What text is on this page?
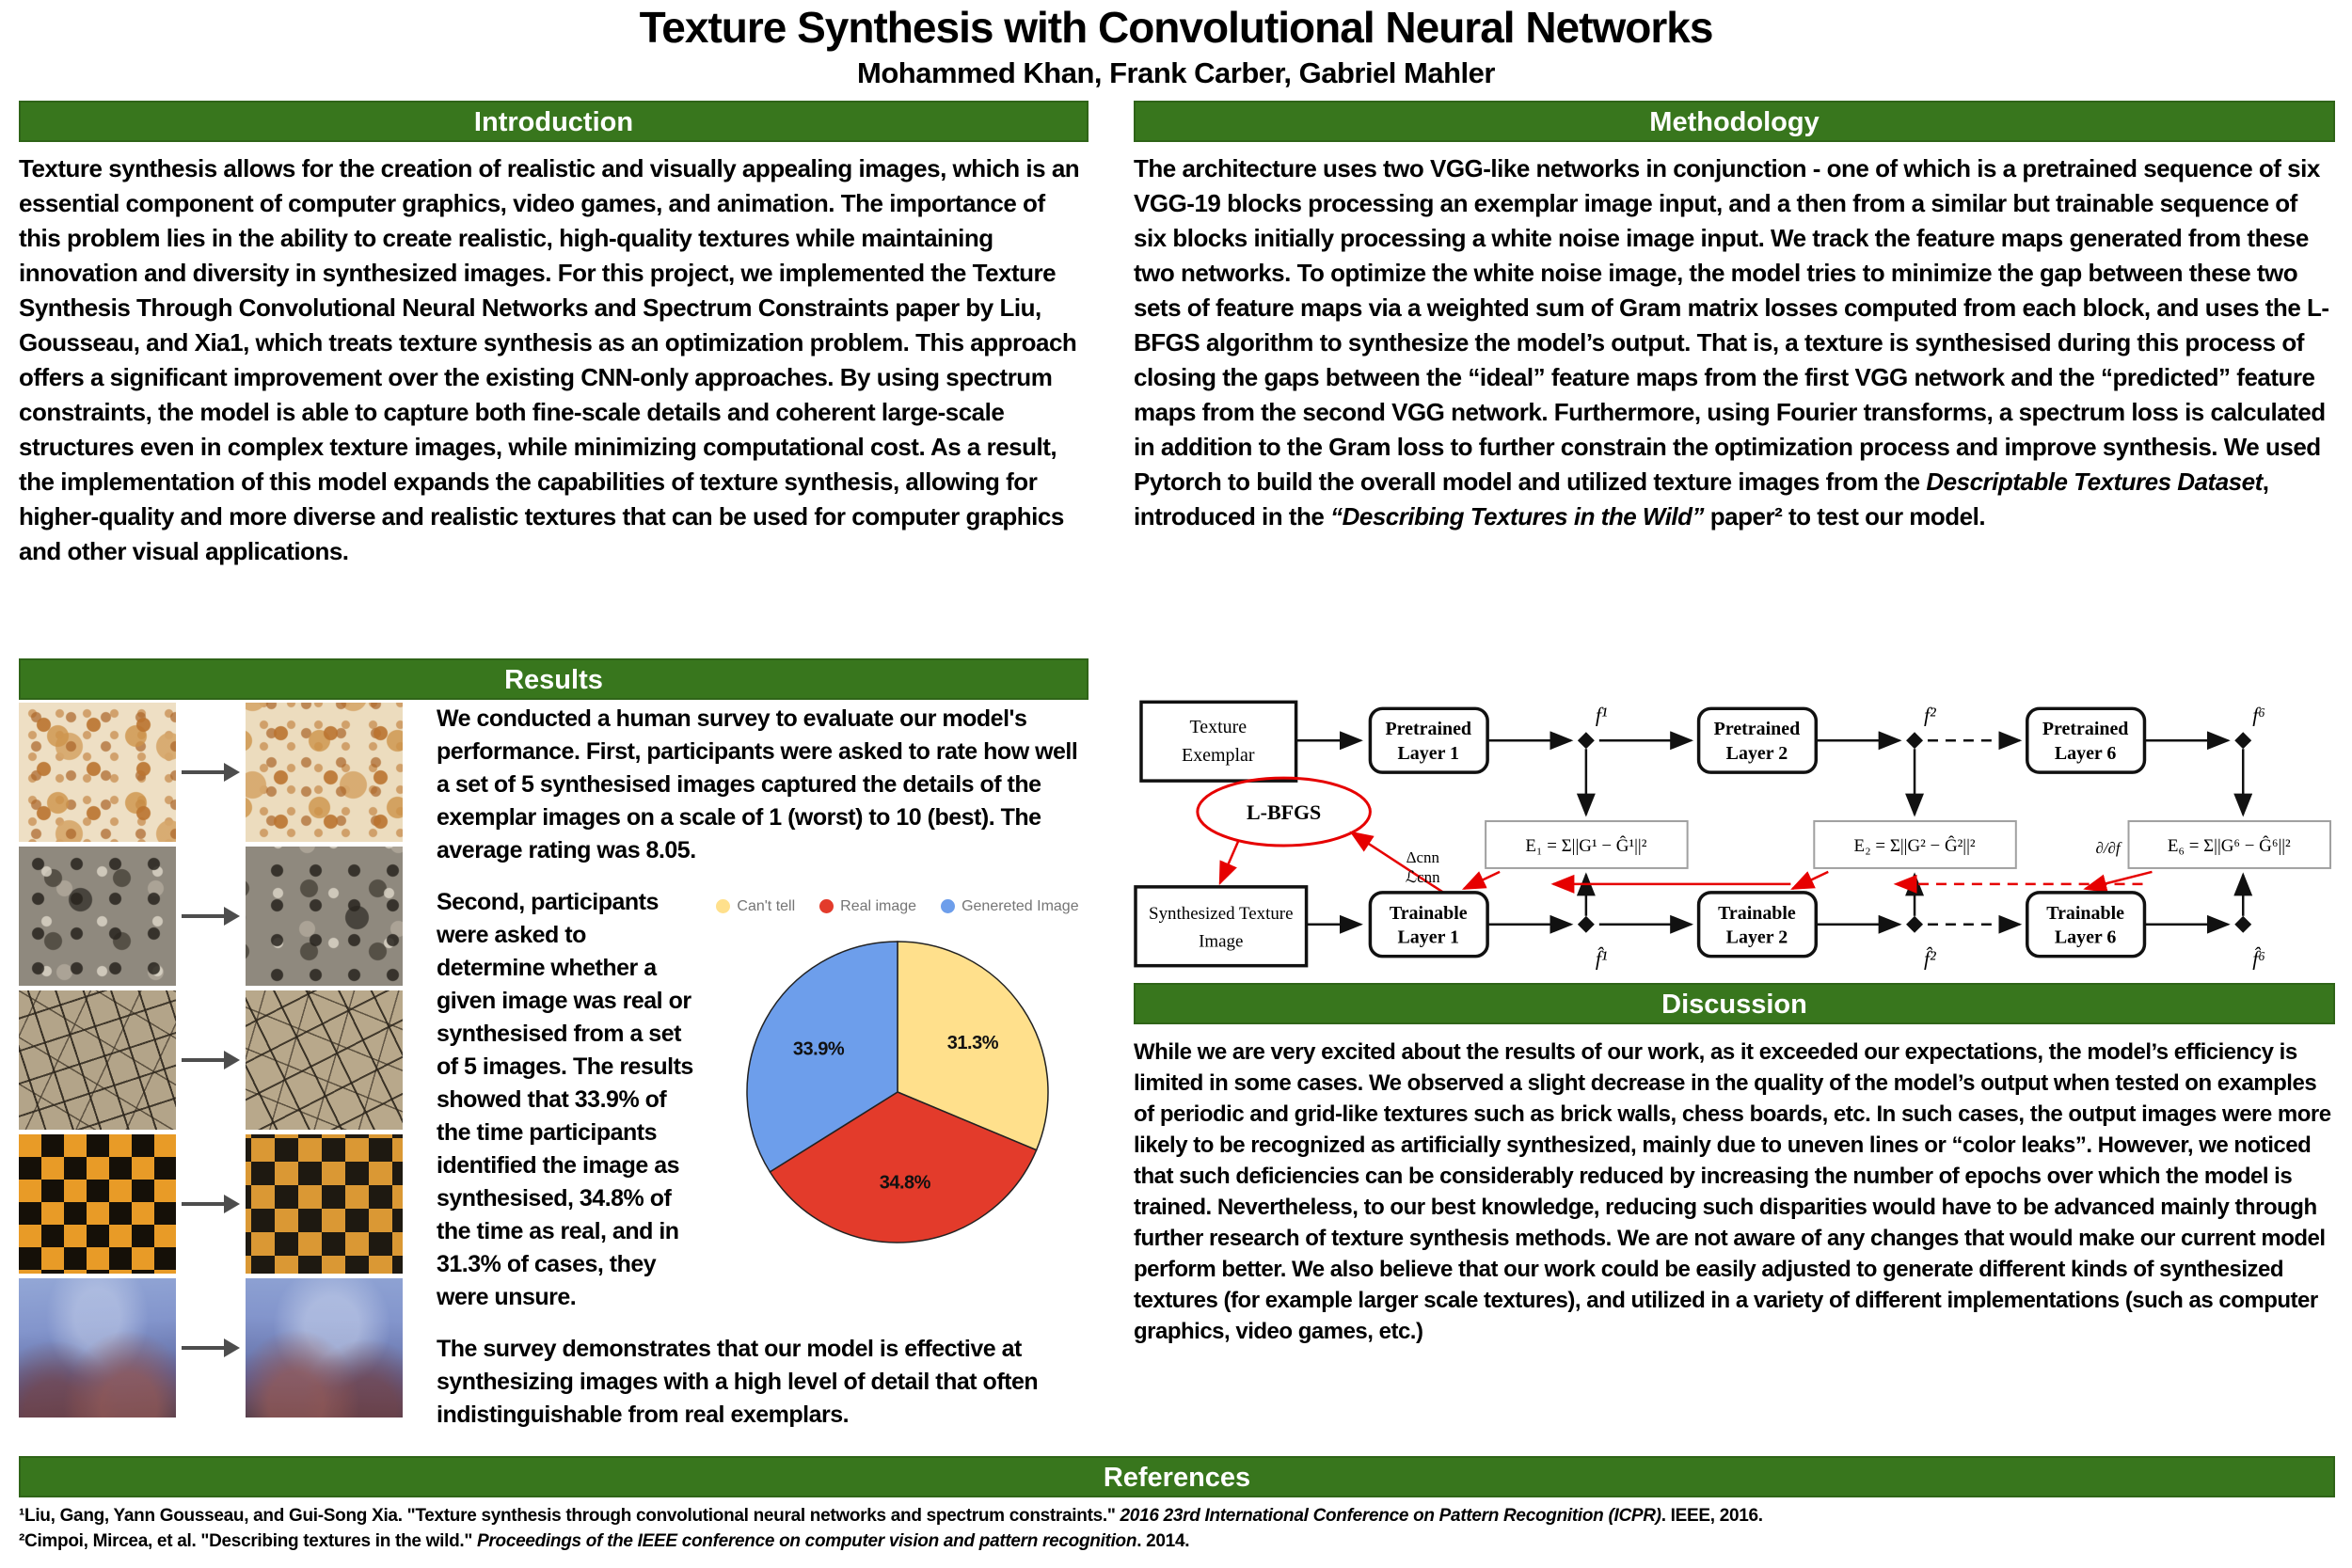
Texture Synthesis with Convolutional Neural Networks
Mohammed Khan, Frank Carber, Gabriel Mahler
Introduction
Texture synthesis allows for the creation of realistic and visually appealing images, which is an essential component of computer graphics, video games, and animation. The importance of this problem lies in the ability to create realistic, high-quality textures while maintaining innovation and diversity in synthesized images. For this project, we implemented the Texture Synthesis Through Convolutional Neural Networks and Spectrum Constraints paper by Liu, Gousseau, and Xia1, which treats texture synthesis as an optimization problem. This approach offers a significant improvement over the existing CNN-only approaches. By using spectrum constraints, the model is able to capture both fine-scale details and coherent large-scale structures even in complex texture images, while minimizing computational cost. As a result, the implementation of this model expands the capabilities of texture synthesis, allowing for higher-quality and more diverse and realistic textures that can be used for computer graphics and other visual applications.
Results

We conducted a human survey to evaluate our model's performance. First, participants were asked to rate how well a set of 5 synthesised images captured the details of the exemplar images on a scale of 1 (worst) to 10 (best). The average rating was 8.05.

Can't tell	Real image	Genereted Image
31.3%
34.8%
33.9%

Second, participants were asked to determine whether a given image was real or synthesised from a set of 5 images. The results showed that 33.9% of the time participants identified the image as synthesised, 34.8% of the time as real, and in 31.3% of cases, they were unsure.

The survey demonstrates that our model is effective at synthesizing images with a high level of detail that often indistinguishable from real exemplars.

Methodology
The architecture uses two VGG-like networks in conjunction - one of which is a pretrained sequence of six VGG-19 blocks processing an exemplar image input, and a then from a similar but trainable sequence of six blocks initially processing a white noise image input. We track the feature maps generated from these two networks. To optimize the white noise image, the model tries to minimize the gap between these two sets of feature maps via a weighted sum of Gram matrix losses computed from each block, and uses the L-BFGS algorithm to synthesize the model’s output. That is, a texture is synthesised during this process of closing the gaps between the “ideal” feature maps from the first VGG network and the “predicted” feature maps from the second VGG network. Furthermore, using Fourier transforms, a spectrum loss is calculated in addition to the Gram loss to further constrain the optimization process and improve synthesis. We used Pytorch to build the overall model and utilized texture images from the Descriptable Textures Dataset, introduced in the “Describing Textures in the Wild” paper² to test our model.
Texture
Exemplar
Synthesized Texture
Image
Pretrained
Layer 1
Pretrained
Layer 2
Pretrained
Layer 6
Trainable
Layer 1
Trainable
Layer 2
Trainable
Layer 6
E₁ = Σ||G¹ − Ĝ¹||²	E₂ = Σ||G² − Ĝ²||²	E₆ = Σ||G⁶ − Ĝ⁶||²
L-BFGS
f¹	f²	f⁶
f̂¹	f̂²	f̂⁶
Δcnn
ℒcnn
∂/∂f
Discussion
While we are very excited about the results of our work, as it exceeded our expectations, the model’s efficiency is limited in some cases. We observed a slight decrease in the quality of the model’s output when tested on examples of periodic and grid-like textures such as brick walls, chess boards, etc. In such cases, the output images were more likely to be recognized as artificially synthesized, mainly due to uneven lines or “color leaks”. However, we noticed that such deficiencies can be considerably reduced by increasing the number of epochs over which the model is trained. Nevertheless, to our best knowledge, reducing such disparities would have to be advanced mainly through further research of texture synthesis methods. We are not aware of any changes that would make our current model perform better. We also believe that our work could be easily adjusted to generate different kinds of synthesized textures (for example larger scale textures), and utilized in a variety of different implementations (such as computer graphics, video games, etc.)
References
¹Liu, Gang, Yann Gousseau, and Gui-Song Xia. "Texture synthesis through convolutional neural networks and spectrum constraints." 2016 23rd International Conference on Pattern Recognition (ICPR). IEEE, 2016.
²Cimpoi, Mircea, et al. "Describing textures in the wild." Proceedings of the IEEE conference on computer vision and pattern recognition. 2014.
